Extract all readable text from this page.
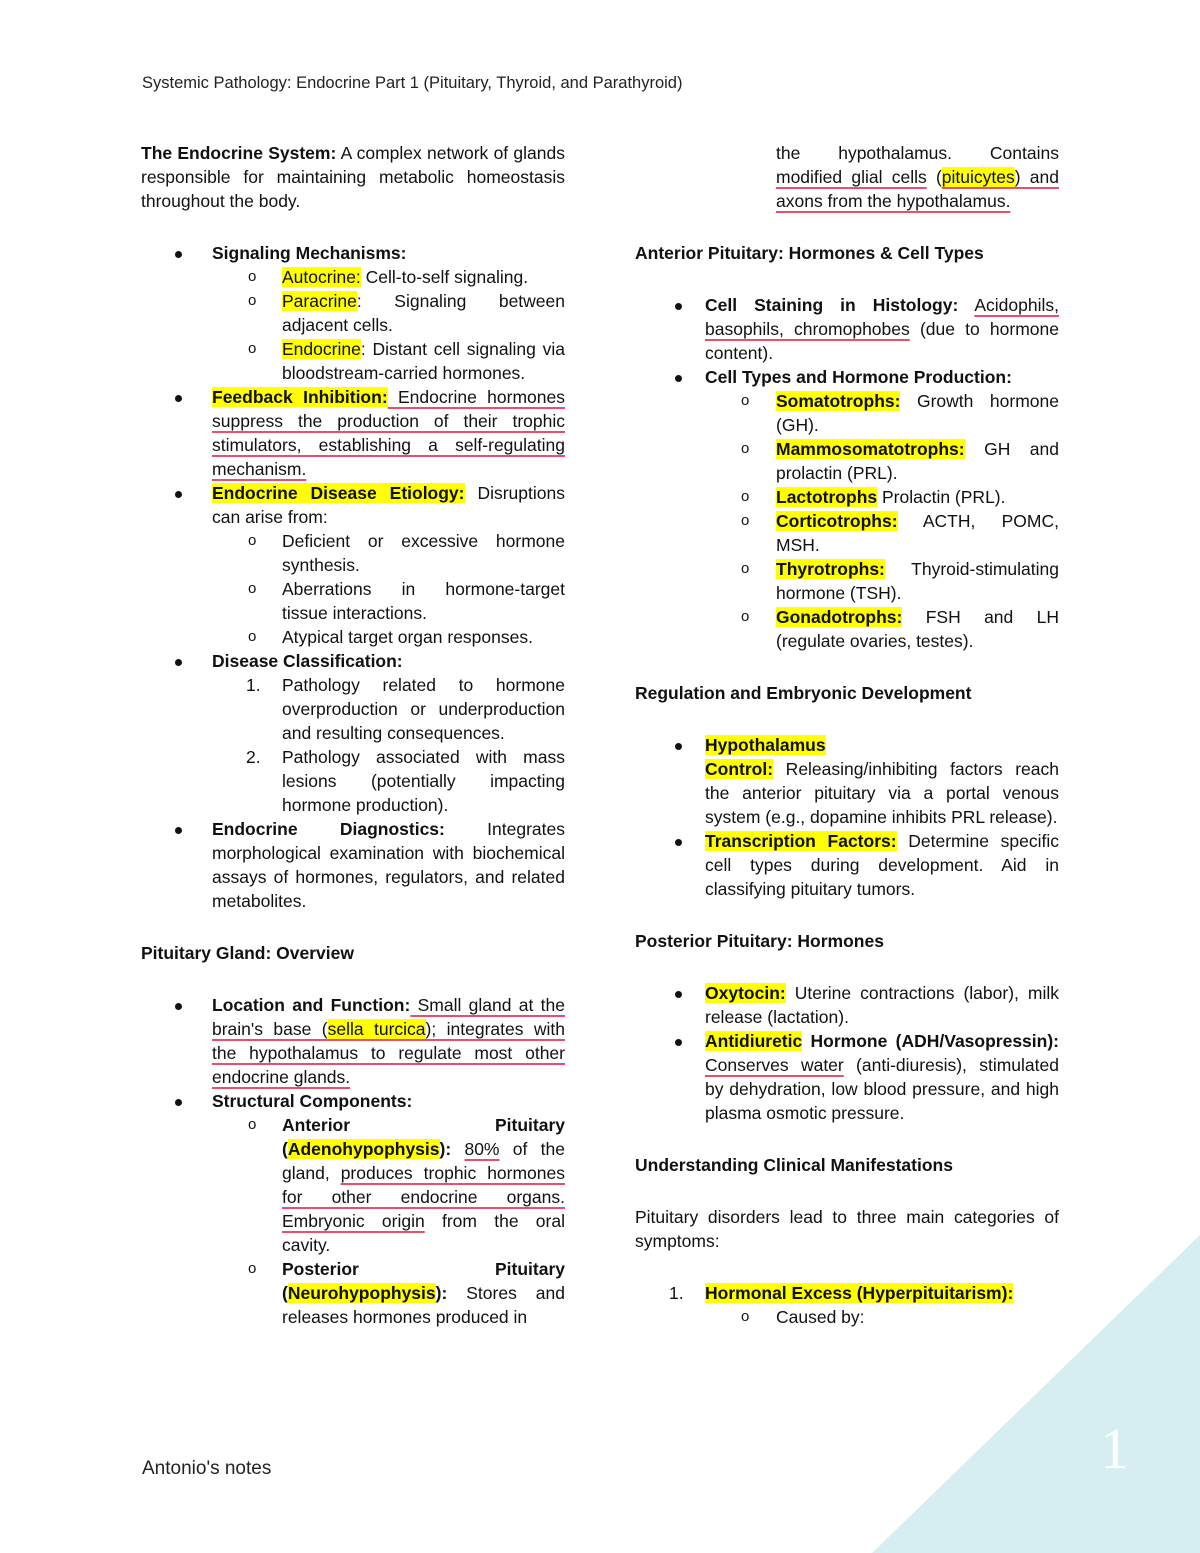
Systemic Pathology: Endocrine Part 1 (Pituitary, Thyroid, and Parathyroid)

The Endocrine System: A complex network of glands responsible for maintaining metabolic homeostasis throughout the body.

Signaling Mechanisms:
o Autocrine: Cell-to-self signaling.
o Paracrine: Signaling between adjacent cells.
o Endocrine: Distant cell signaling via bloodstream-carried hormones.
Feedback Inhibition: Endocrine hormones suppress the production of their trophic stimulators, establishing a self-regulating mechanism.
Endocrine Disease Etiology: Disruptions can arise from:
o Deficient or excessive hormone synthesis.
o Aberrations in hormone-target tissue interactions.
o Atypical target organ responses.
Disease Classification:
1. Pathology related to hormone overproduction or underproduction and resulting consequences.
2. Pathology associated with mass lesions (potentially impacting hormone production).
Endocrine Diagnostics: Integrates morphological examination with biochemical assays of hormones, regulators, and related metabolites.

Pituitary Gland: Overview

Location and Function: Small gland at the brain's base (sella turcica); integrates with the hypothalamus to regulate most other endocrine glands.
Structural Components:
o Anterior Pituitary (Adenohypophysis): 80% of the gland, produces trophic hormones for other endocrine organs. Embryonic origin from the oral cavity.
o Posterior Pituitary (Neurohypophysis): Stores and releases hormones produced in
the hypothalamus. Contains modified glial cells (pituicytes) and axons from the hypothalamus.

Anterior Pituitary: Hormones & Cell Types

Cell Staining in Histology: Acidophils, basophils, chromophobes (due to hormone content).
Cell Types and Hormone Production:
o Somatotrophs: Growth hormone (GH).
o Mammosomatotrophs: GH and prolactin (PRL).
o Lactotrophs Prolactin (PRL).
o Corticotrophs: ACTH, POMC, MSH.
o Thyrotrophs: Thyroid-stimulating hormone (TSH).
o Gonadotrophs: FSH and LH (regulate ovaries, testes).

Regulation and Embryonic Development

Hypothalamus
Control: Releasing/inhibiting factors reach the anterior pituitary via a portal venous system (e.g., dopamine inhibits PRL release).
Transcription Factors: Determine specific cell types during development. Aid in classifying pituitary tumors.

Posterior Pituitary: Hormones

Oxytocin: Uterine contractions (labor), milk release (lactation).
Antidiuretic Hormone (ADH/Vasopressin): Conserves water (anti-diuresis), stimulated by dehydration, low blood pressure, and high plasma osmotic pressure.

Understanding Clinical Manifestations

Pituitary disorders lead to three main categories of symptoms:

1. Hormonal Excess (Hyperpituitarism):
o Caused by:
Antonio's notes	1
